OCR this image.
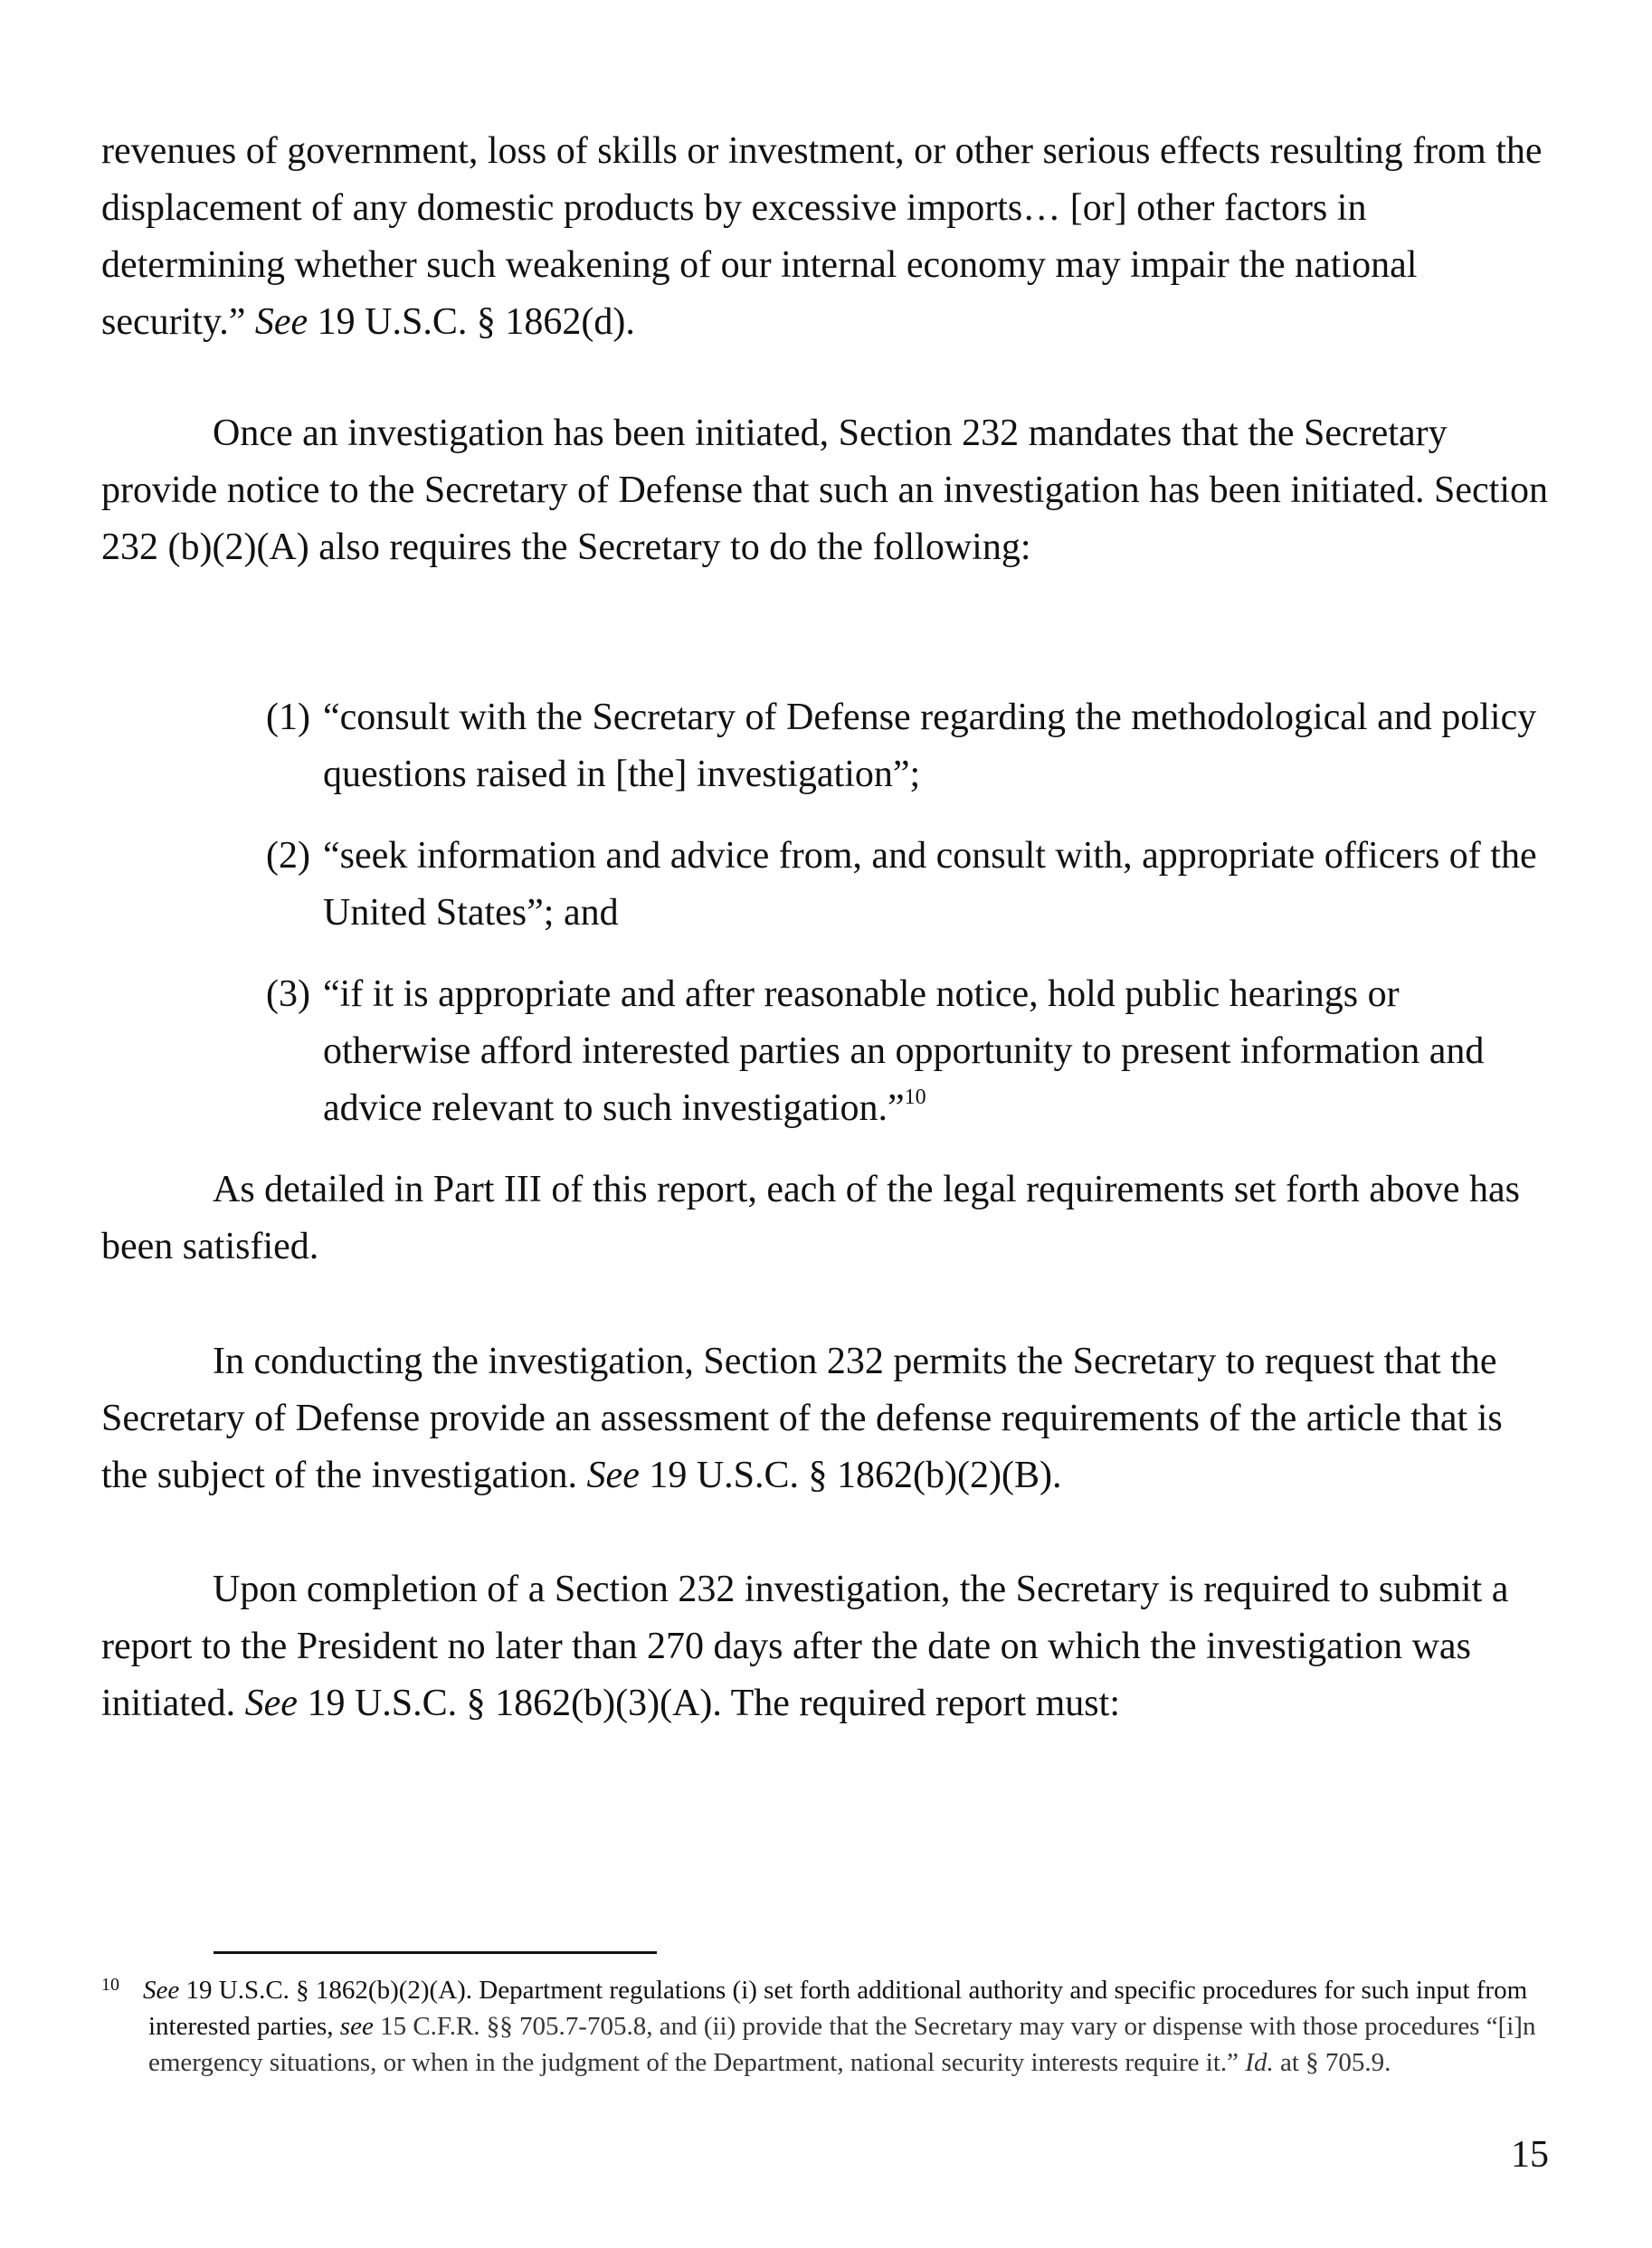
revenues of government, loss of skills or investment, or other serious effects resulting from the displacement of any domestic products by excessive imports… [or] other factors in determining whether such weakening of our internal economy may impair the national security.” See 19 U.S.C. § 1862(d).

Once an investigation has been initiated, Section 232 mandates that the Secretary provide notice to the Secretary of Defense that such an investigation has been initiated. Section 232 (b)(2)(A) also requires the Secretary to do the following:

(1) “consult with the Secretary of Defense regarding the methodological and policy questions raised in [the] investigation”;
(2) “seek information and advice from, and consult with, appropriate officers of the United States”; and
(3) “if it is appropriate and after reasonable notice, hold public hearings or otherwise afford interested parties an opportunity to present information and advice relevant to such investigation.”$^{10}$

As detailed in Part III of this report, each of the legal requirements set forth above has been satisfied.

In conducting the investigation, Section 232 permits the Secretary to request that the Secretary of Defense provide an assessment of the defense requirements of the article that is the subject of the investigation. See 19 U.S.C. § 1862(b)(2)(B).

Upon completion of a Section 232 investigation, the Secretary is required to submit a report to the President no later than 270 days after the date on which the investigation was initiated. See 19 U.S.C. § 1862(b)(3)(A). The required report must:

10 See 19 U.S.C. § 1862(b)(2)(A). Department regulations (i) set forth additional authority and specific procedures for such input from interested parties, see 15 C.F.R. §§ 705.7-705.8, and (ii) provide that the Secretary may vary or dispense with those procedures “[i]n emergency situations, or when in the judgment of the Department, national security interests require it.” Id. at § 705.9.

15
